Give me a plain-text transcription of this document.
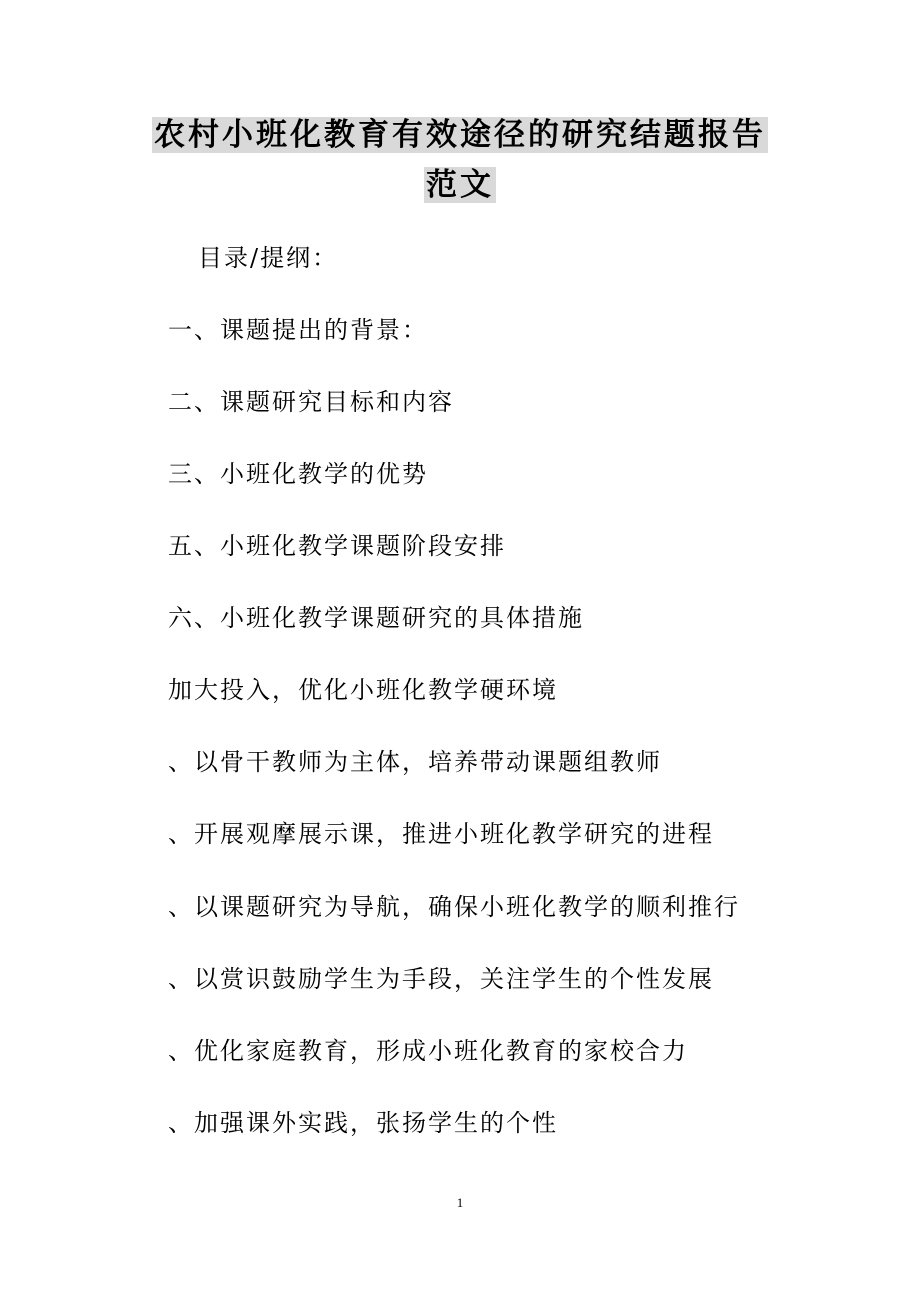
农村小班化教育有效途径的研究结题报告
范文
目录/提纲：
一、课题提出的背景：
二、课题研究目标和内容
三、小班化教学的优势
五、小班化教学课题阶段安排
六、小班化教学课题研究的具体措施
加大投入，优化小班化教学硬环境
、以骨干教师为主体，培养带动课题组教师
、开展观摩展示课，推进小班化教学研究的进程
、以课题研究为导航，确保小班化教学的顺利推行
、以赏识鼓励学生为手段，关注学生的个性发展
、优化家庭教育，形成小班化教育的家校合力
、加强课外实践，张扬学生的个性
1
